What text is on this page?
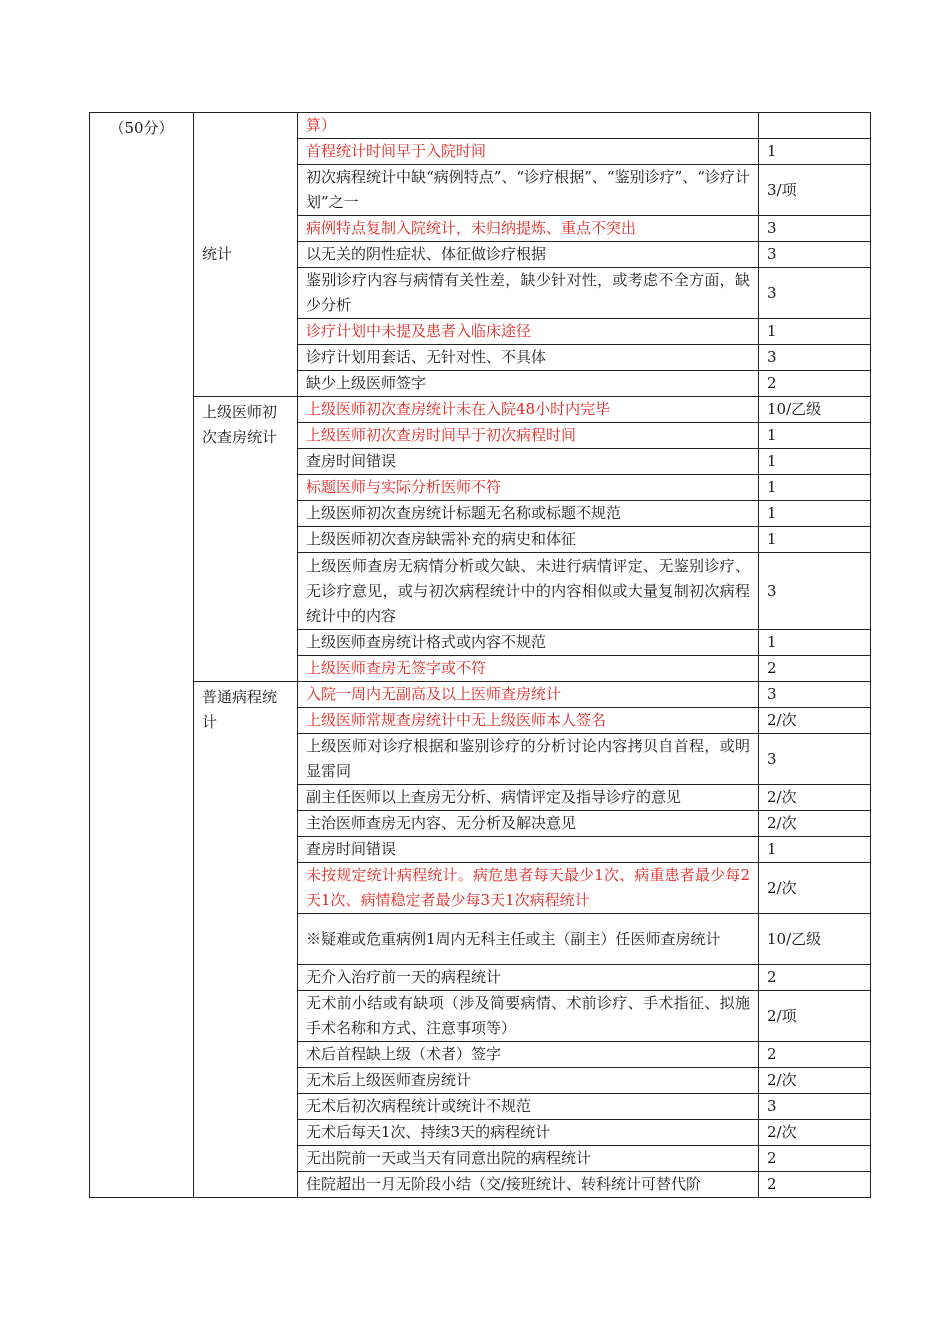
（50分）	统计	算）	
		首程统计时间早于入院时间	1
		初次病程统计中缺“病例特点”、“诊疗根据”、“鉴别诊疗”、“诊疗计划”之一	3/项
		病例特点复制入院统计，未归纳提炼、重点不突出	3
		以无关的阴性症状、体征做诊疗根据	3
		鉴别诊疗内容与病情有关性差，缺少针对性，或考虑不全方面，缺少分析	3
		诊疗计划中未提及患者入临床途径	1
		诊疗计划用套话、无针对性、不具体	3
		缺少上级医师签字	2
	上级医师初次查房统计	上级医师初次查房统计未在入院48小时内完毕	10/乙级
		上级医师初次查房时间早于初次病程时间	1
		查房时间错误	1
		标题医师与实际分析医师不符	1
		上级医师初次查房统计标题无名称或标题不规范	1
		上级医师初次查房缺需补充的病史和体征	1
		上级医师查房无病情分析或欠缺、未进行病情评定、无鉴别诊疗、无诊疗意见，或与初次病程统计中的内容相似或大量复制初次病程统计中的内容	3
		上级医师查房统计格式或内容不规范	1
		上级医师查房无签字或不符	2
	普通病程统计	入院一周内无副高及以上医师查房统计	3
		上级医师常规查房统计中无上级医师本人签名	2/次
		上级医师对诊疗根据和鉴别诊疗的分析讨论内容拷贝自首程，或明显雷同	3
		副主任医师以上查房无分析、病情评定及指导诊疗的意见	2/次
		主治医师查房无内容、无分析及解决意见	2/次
		查房时间错误	1
		未按规定统计病程统计。病危患者每天最少1次、病重患者最少每2天1次、病情稳定者最少每3天1次病程统计	2/次
		※疑难或危重病例1周内无科主任或主（副主）任医师查房统计	10/乙级
		无介入治疗前一天的病程统计	2
		无术前小结或有缺项（涉及简要病情、术前诊疗、手术指征、拟施手术名称和方式、注意事项等）	2/项
		术后首程缺上级（术者）签字	2
		无术后上级医师查房统计	2/次
		无术后初次病程统计或统计不规范	3
		无术后每天1次、持续3天的病程统计	2/次
		无出院前一天或当天有同意出院的病程统计	2
		住院超出一月无阶段小结（交/接班统计、转科统计可替代阶	2
